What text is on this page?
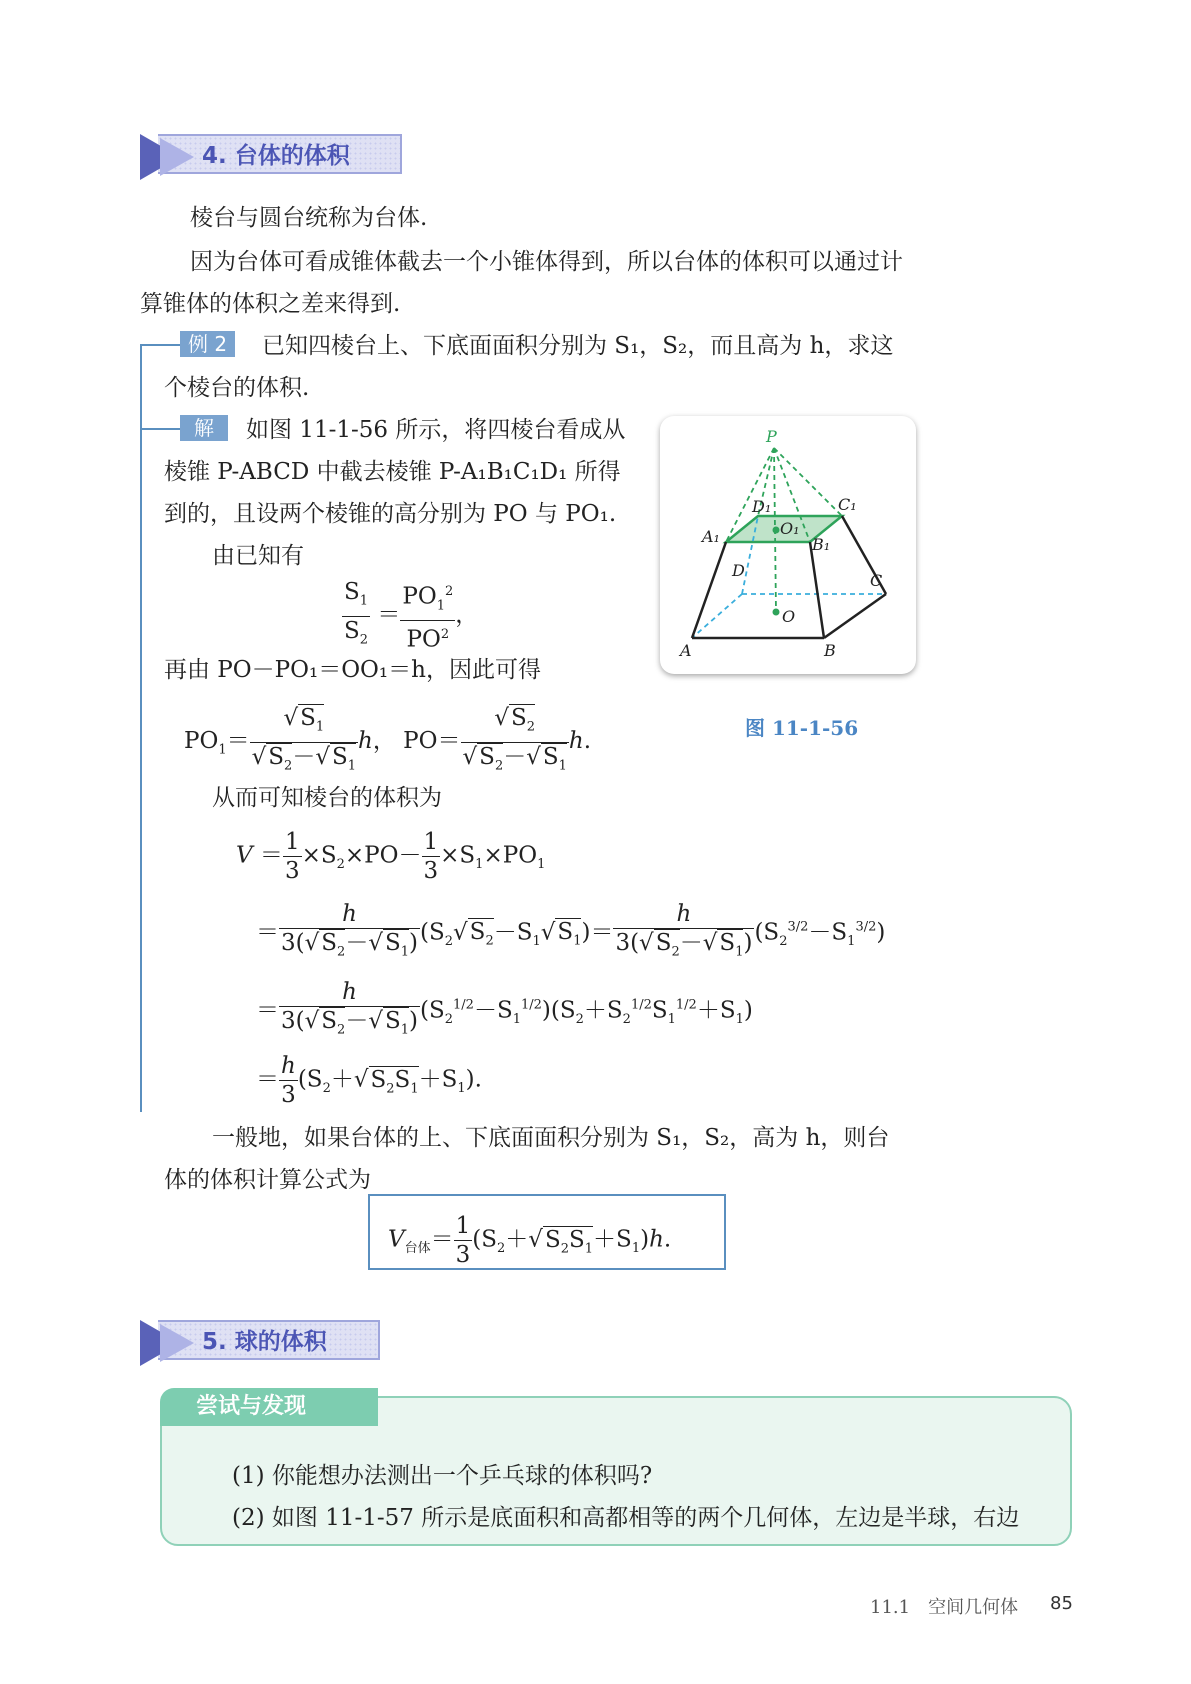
4. 台体的体积
棱台与圆台统称为台体.
因为台体可看成锥体截去一个小锥体得到，所以台体的体积可以通过计
算锥体的体积之差来得到.
例 2	已知四棱台上、下底面面积分别为 S₁，S₂，而且高为 h，求这
个棱台的体积.
解	如图 11-1-56 所示，将四棱台看成从
棱锥 P-ABCD 中截去棱锥 P-A₁B₁C₁D₁ 所得
到的，且设两个棱锥的高分别为 PO 与 PO₁.
由已知有
$\frac{S_1}{S_2} = \frac{PO_1^2}{PO^2}$ ，
再由 PO－PO₁＝OO₁＝h，因此可得
$PO_1= \frac{√S_1}{√S_2-√S_1}$ h， $PO= \frac{√S_2}{√S_2-√S_1} h$.
从而可知棱台的体积为
$V = \frac{1}{3} \times S_2\times PO- \frac{1}{3} \times S_1\times PO_1$
＝ $\frac{h}{3(√S_2-√S_1)} (S_2√S_2-S_1√S_1)= \frac{h}{3(√S_2-√S_1)} (S_2^{3/2}-S_1^{3/2})$
＝ $\frac{h}{3(√S_2-√S_1)} (S_2^{1/2}-S_1^{1/2})(S_2+S_2^{1/2}S_1^{1/2}+S_1)$
＝ $\frac{h}{3} (S_2+√S_2S_1+S_1)$.
P
D₁	C₁
A₁	O₁
B₁
D
C
O
A	B
图 11-1-56
一般地，如果台体的上、下底面面积分别为 S₁，S₂，高为 h，则台
体的体积计算公式为
$V_{台体}= \frac{1}{3} (S_2+√S_2S_1+S_1)h$.
5. 球的体积
(1) 你能想办法测出一个乒乓球的体积吗?
(2) 如图 11-1-57 所示是底面积和高都相等的两个几何体，左边是半球，右边
尝试与发现
11.1　空间几何体 85
